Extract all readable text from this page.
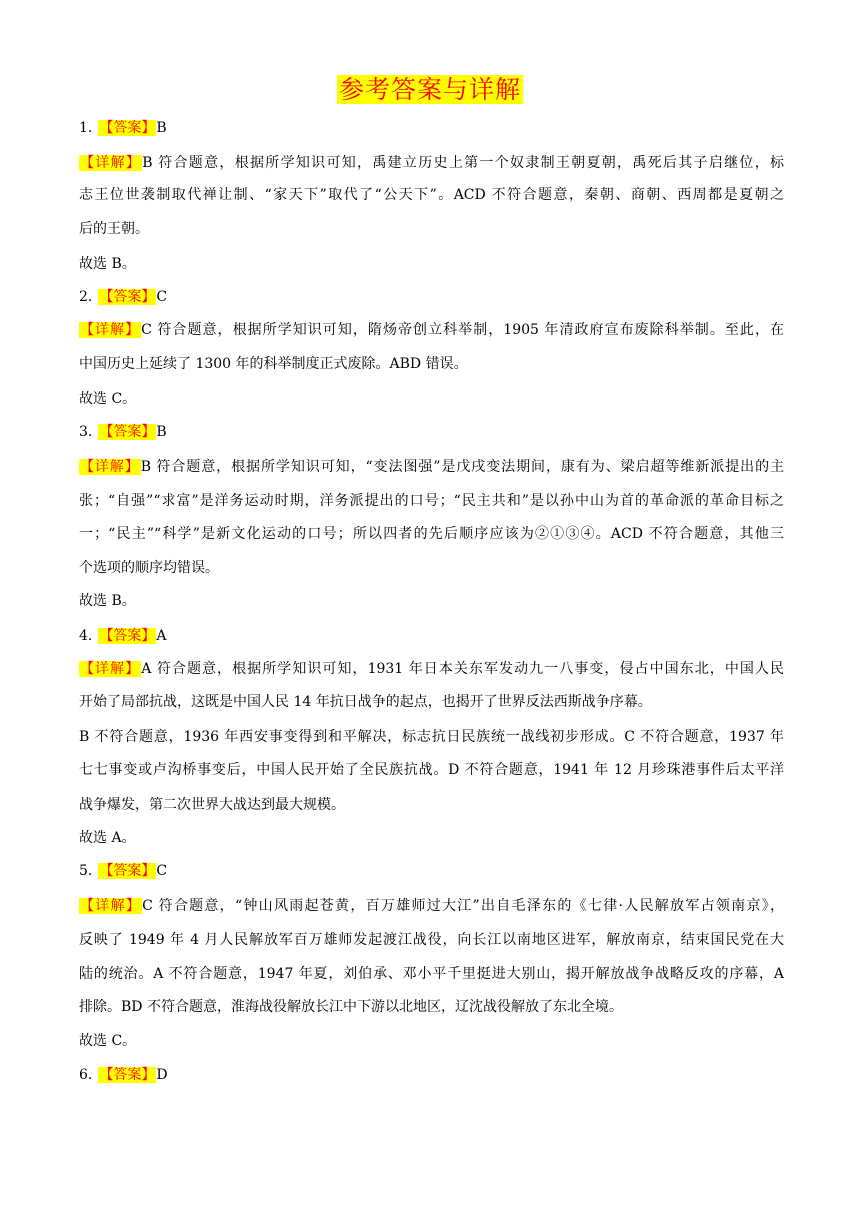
参考答案与详解
1. 【答案】B
【详解】B 符合题意，根据所学知识可知，禹建立历史上第一个奴隶制王朝夏朝，禹死后其子启继位，标
志王位世袭制取代禅让制、“家天下”取代了“公天下”。ACD 不符合题意，秦朝、商朝、西周都是夏朝之
后的王朝。
故选 B。
2. 【答案】C
【详解】C 符合题意，根据所学知识可知，隋炀帝创立科举制，1905 年清政府宣布废除科举制。至此，在
中国历史上延续了 1300 年的科举制度正式废除。ABD 错误。
故选 C。
3. 【答案】B
【详解】B 符合题意，根据所学知识可知，“变法图强”是戊戌变法期间，康有为、梁启超等维新派提出的主
张；“自强”“求富”是洋务运动时期，洋务派提出的口号；“民主共和”是以孙中山为首的革命派的革命目标之
一；“民主”“科学”是新文化运动的口号；所以四者的先后顺序应该为②①③④。ACD 不符合题意，其他三
个选项的顺序均错误。
故选 B。
4. 【答案】A
【详解】A 符合题意，根据所学知识可知，1931 年日本关东军发动九一八事变，侵占中国东北，中国人民
开始了局部抗战，这既是中国人民 14 年抗日战争的起点，也揭开了世界反法西斯战争序幕。
B 不符合题意，1936 年西安事变得到和平解决，标志抗日民族统一战线初步形成。C 不符合题意，1937 年
七七事变或卢沟桥事变后，中国人民开始了全民族抗战。D 不符合题意，1941 年 12 月珍珠港事件后太平洋
战争爆发，第二次世界大战达到最大规模。
故选 A。
5. 【答案】C
【详解】C 符合题意，“钟山风雨起苍黄，百万雄师过大江”出自毛泽东的《七律·人民解放军占领南京》，
反映了 1949 年 4 月人民解放军百万雄师发起渡江战役，向长江以南地区进军，解放南京，结束国民党在大
陆的统治。A 不符合题意，1947 年夏，刘伯承、邓小平千里挺进大别山，揭开解放战争战略反攻的序幕，A
排除。BD 不符合题意，淮海战役解放长江中下游以北地区，辽沈战役解放了东北全境。
故选 C。
6. 【答案】D
